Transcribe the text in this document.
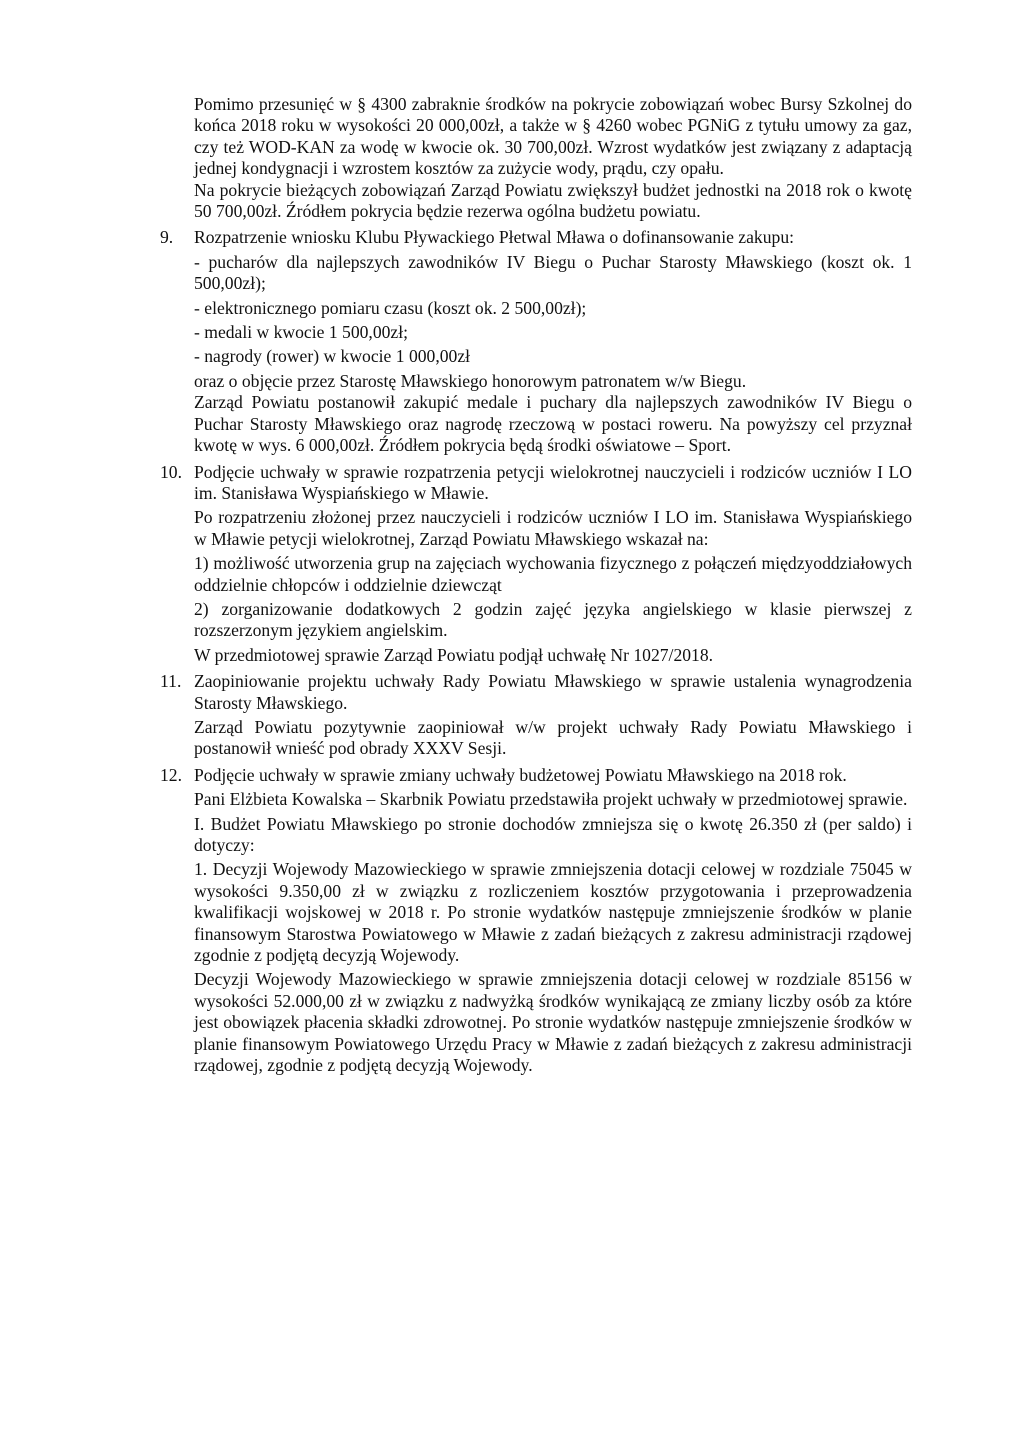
Pomimo przesunięć w § 4300 zabraknie środków na pokrycie zobowiązań wobec Bursy Szkolnej do końca 2018 roku w wysokości 20 000,00zł, a także w § 4260 wobec PGNiG z tytułu umowy za gaz, czy też WOD-KAN za wodę w kwocie ok. 30 700,00zł. Wzrost wydatków jest związany z adaptacją jednej kondygnacji i wzrostem kosztów za zużycie wody, prądu, czy opału.

Na pokrycie bieżących zobowiązań Zarząd Powiatu zwiększył budżet jednostki na 2018 rok o kwotę 50 700,00zł. Źródłem pokrycia będzie rezerwa ogólna budżetu powiatu.

9. Rozpatrzenie wniosku Klubu Pływackiego Płetwal Mława o dofinansowanie zakupu:

- pucharów dla najlepszych zawodników IV Biegu o Puchar Starosty Mławskiego (koszt ok. 1 500,00zł);

- elektronicznego pomiaru czasu (koszt ok. 2 500,00zł);

- medali w kwocie 1 500,00zł;

- nagrody (rower) w kwocie 1 000,00zł

oraz o objęcie przez Starostę Mławskiego honorowym patronatem w/w Biegu.

Zarząd Powiatu postanowił zakupić medale i puchary dla najlepszych zawodników IV Biegu o Puchar Starosty Mławskiego oraz nagrodę rzeczową w postaci roweru. Na powyższy cel przyznał kwotę w wys. 6 000,00zł. Źródłem pokrycia będą środki oświatowe – Sport.

10. Podjęcie uchwały w sprawie rozpatrzenia petycji wielokrotnej nauczycieli i rodziców uczniów I LO im. Stanisława Wyspiańskiego w Mławie.

Po rozpatrzeniu złożonej przez nauczycieli i rodziców uczniów I LO im. Stanisława Wyspiańskiego w Mławie petycji wielokrotnej, Zarząd Powiatu Mławskiego wskazał na:

1) możliwość utworzenia grup na zajęciach wychowania fizycznego z połączeń międzyoddziałowych oddzielnie chłopców i oddzielnie dziewcząt

2) zorganizowanie dodatkowych 2 godzin zajęć języka angielskiego w klasie pierwszej z rozszerzonym językiem angielskim.

W przedmiotowej sprawie Zarząd Powiatu podjął uchwałę Nr 1027/2018.

11. Zaopiniowanie projektu uchwały Rady Powiatu Mławskiego w sprawie ustalenia wynagrodzenia Starosty Mławskiego.

Zarząd Powiatu pozytywnie zaopiniował w/w projekt uchwały Rady Powiatu Mławskiego i postanowił wnieść pod obrady XXXV Sesji.

12. Podjęcie uchwały w sprawie zmiany uchwały budżetowej Powiatu Mławskiego na 2018 rok.

Pani Elżbieta Kowalska – Skarbnik Powiatu przedstawiła projekt uchwały w przedmiotowej sprawie.

I. Budżet Powiatu Mławskiego po stronie dochodów zmniejsza się o kwotę 26.350 zł (per saldo) i dotyczy:

1. Decyzji Wojewody Mazowieckiego w sprawie zmniejszenia dotacji celowej w rozdziale 75045 w wysokości 9.350,00 zł w związku z rozliczeniem kosztów przygotowania i przeprowadzenia kwalifikacji wojskowej w 2018 r. Po stronie wydatków następuje zmniejszenie środków w planie finansowym Starostwa Powiatowego w Mławie z zadań bieżących z zakresu administracji rządowej zgodnie z podjętą decyzją Wojewody.

Decyzji Wojewody Mazowieckiego w sprawie zmniejszenia dotacji celowej w rozdziale 85156 w wysokości 52.000,00 zł w związku z nadwyżką środków wynikającą ze zmiany liczby osób za które jest obowiązek płacenia składki zdrowotnej. Po stronie wydatków następuje zmniejszenie środków w planie finansowym Powiatowego Urzędu Pracy w Mławie z zadań bieżących z zakresu administracji rządowej, zgodnie z podjętą decyzją Wojewody.
